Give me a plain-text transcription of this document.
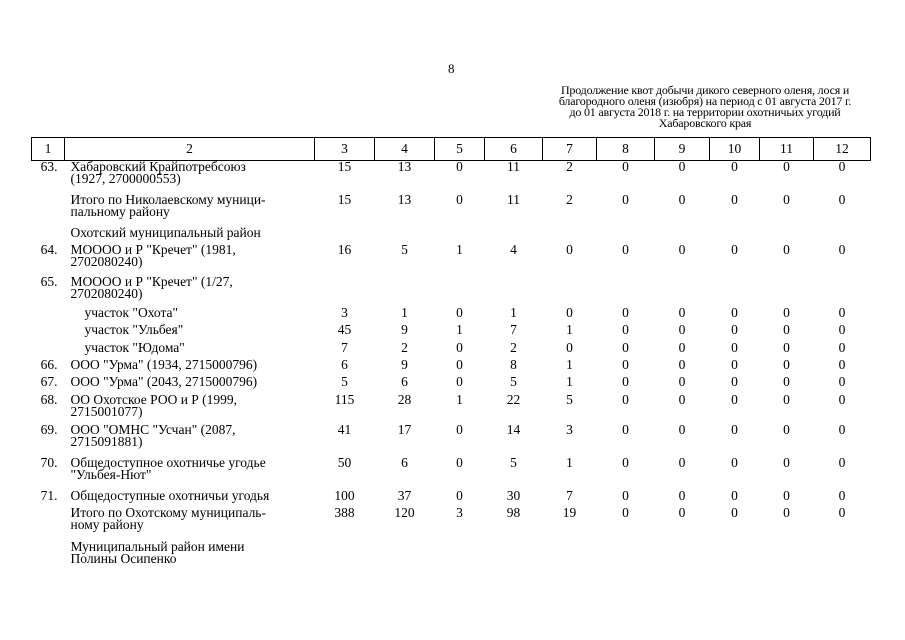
8
Продолжение квот добычи дикого северного оленя, лося и
благородного оленя (изюбря) на период с 01 августа 2017 г.
до 01 августа 2018 г. на территории охотничьих угодий
Хабаровского края
1	2	3	4	5	6	7	8	9	10	11	12
63.	Хабаровский Крайпотребсоюз
(1927, 2700000553)	15	13	0	11	2	0	0	0	0	0

	Итого по Николаевскому муници-
пальному району	15	13	0	11	2	0	0	0	0	0

	Охотский муниципальный район										

64.	МОООО и Р "Кречет" (1981,
2702080240)	16	5	1	4	0	0	0	0	0	0
65.	МОООО и Р "Кречет" (1/27,
2702080240)										

	участок "Охота"	3	1	0	1	0	0	0	0	0	0

	участок "Ульбея"	45	9	1	7	1	0	0	0	0	0

	участок "Юдома"	7	2	0	2	0	0	0	0	0	0
66.	ООО "Урма" (1934, 2715000796)	6	9	0	8	1	0	0	0	0	0
67.	ООО "Урма" (2043, 2715000796)	5	6	0	5	1	0	0	0	0	0
68.	ОО Охотское РОО и Р (1999,
2715001077)	115	28	1	22	5	0	0	0	0	0
69.	ООО "ОМНС "Усчан" (2087,
2715091881)	41	17	0	14	3	0	0	0	0	0
70.	Общедоступное охотничье угодье
"Ульбея-Нют"	50	6	0	5	1	0	0	0	0	0
71.	Общедоступные охотничьи угодья	100	37	0	30	7	0	0	0	0	0

	Итого по Охотскому муниципаль-
ному району	388	120	3	98	19	0	0	0	0	0

	Муниципальный район имени
Полины Осипенко										
